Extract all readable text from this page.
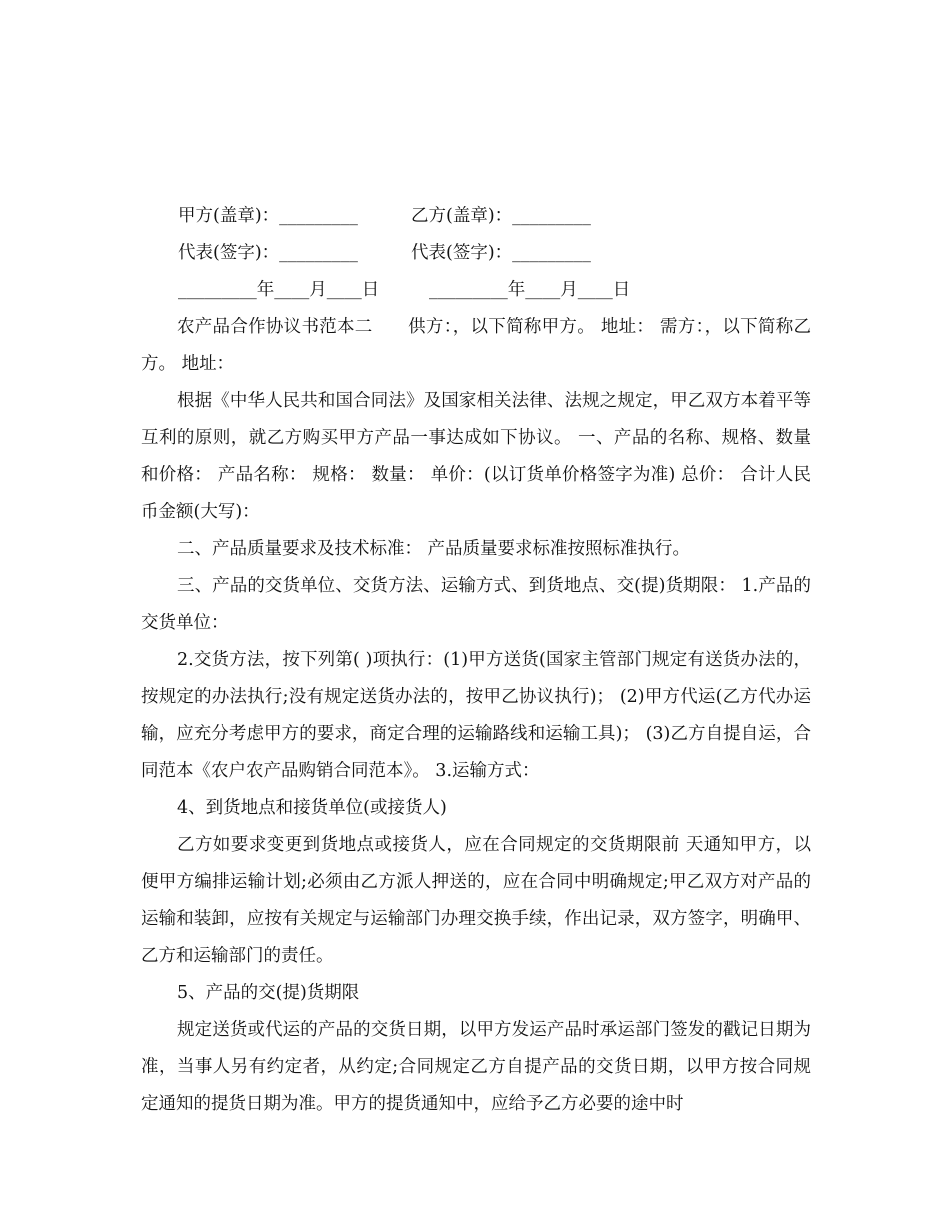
甲方(盖章)：_________	乙方(盖章)：_________
代表(签字)：_________	代表(签字)：_________
_________年____月____日	_________年____月____日

农产品合作协议书范本二　　供方：，以下简称甲方。 地址： 需方：，以下简称乙方。 地址：

根据《中华人民共和国合同法》及国家相关法律、法规之规定，甲乙双方本着平等互利的原则，就乙方购买甲方产品一事达成如下协议。 一、产品的名称、规格、数量和价格： 产品名称： 规格： 数量： 单价：(以订货单价格签字为准) 总价： 合计人民币金额(大写)：

二、产品质量要求及技术标准： 产品质量要求标准按照标准执行。

三、产品的交货单位、交货方法、运输方式、到货地点、交(提)货期限： 1.产品的交货单位：

2.交货方法，按下列第( )项执行：(1)甲方送货(国家主管部门规定有送货办法的，按规定的办法执行;没有规定送货办法的，按甲乙协议执行)； (2)甲方代运(乙方代办运输，应充分考虑甲方的要求，商定合理的运输路线和运输工具)； (3)乙方自提自运，合同范本《农户农产品购销合同范本》。 3.运输方式：

4、到货地点和接货单位(或接货人)

乙方如要求变更到货地点或接货人，应在合同规定的交货期限前 天通知甲方，以便甲方编排运输计划;必须由乙方派人押送的，应在合同中明确规定;甲乙双方对产品的运输和装卸，应按有关规定与运输部门办理交换手续，作出记录，双方签字，明确甲、乙方和运输部门的责任。

5、产品的交(提)货期限

规定送货或代运的产品的交货日期，以甲方发运产品时承运部门签发的戳记日期为准，当事人另有约定者，从约定;合同规定乙方自提产品的交货日期，以甲方按合同规定通知的提货日期为准。甲方的提货通知中，应给予乙方必要的途中时
